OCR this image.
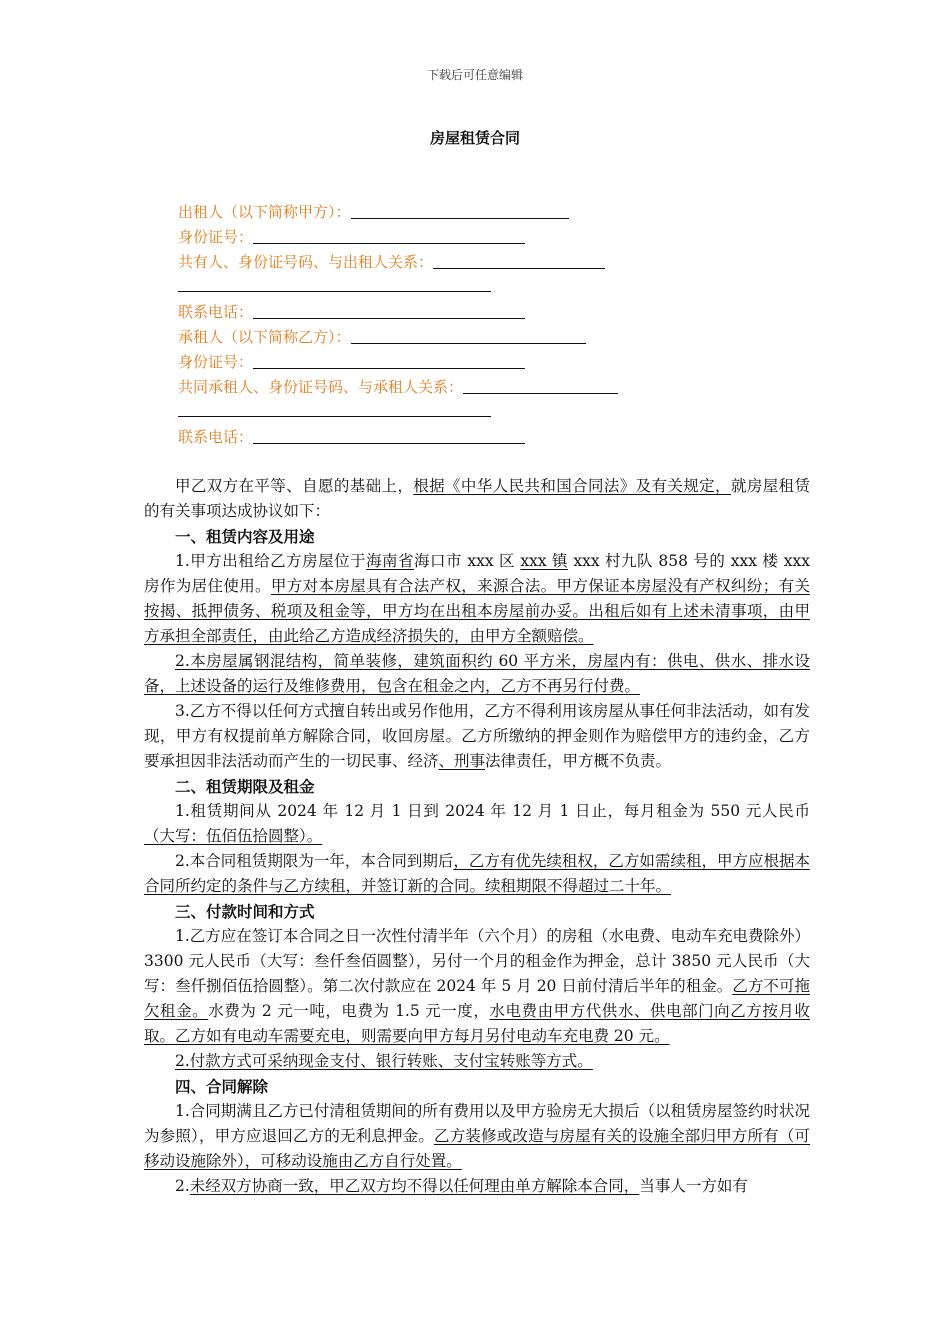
下载后可任意编辑
房屋租赁合同
出租人（以下简称甲方）：
身份证号：
共有人、身份证号码、与出租人关系：
联系电话：
承租人（以下简称乙方）：
身份证号：
共同承租人、身份证号码、与承租人关系：
联系电话：

甲乙双方在平等、自愿的基础上，根据《中华人民共和国合同法》及有关规定，就房屋租赁的有关事项达成协议如下：

一、租赁内容及用途

1.甲方出租给乙方房屋位于海南省海口市 xxx 区 xxx 镇 xxx 村九队 858 号的 xxx 楼 xxx 房作为居住使用。甲方对本房屋具有合法产权，来源合法。甲方保证本房屋没有产权纠纷；有关按揭、抵押债务、税项及租金等，甲方均在出租本房屋前办妥。出租后如有上述未清事项，由甲方承担全部责任，由此给乙方造成经济损失的，由甲方全额赔偿。

2.本房屋属钢混结构，简单装修，建筑面积约 60 平方米，房屋内有：供电、供水、排水设备，上述设备的运行及维修费用，包含在租金之内，乙方不再另行付费。

3.乙方不得以任何方式擅自转出或另作他用，乙方不得利用该房屋从事任何非法活动，如有发现，甲方有权提前单方解除合同，收回房屋。乙方所缴纳的押金则作为赔偿甲方的违约金，乙方要承担因非法活动而产生的一切民事、经济、刑事法律责任，甲方概不负责。

二、租赁期限及租金

1.租赁期间从 2024 年 12 月 1 日到 2024 年 12 月 1 日止，每月租金为 550 元人民币（大写：伍佰伍拾圆整）。

2.本合同租赁期限为一年，本合同到期后，乙方有优先续租权，乙方如需续租，甲方应根据本合同所约定的条件与乙方续租，并签订新的合同。续租期限不得超过二十年。

三、付款时间和方式

1.乙方应在签订本合同之日一次性付清半年（六个月）的房租（水电费、电动车充电费除外）3300 元人民币（大写：叁仟叁佰圆整），另付一个月的租金作为押金，总计 3850 元人民币（大写：叁仟捌佰伍拾圆整）。第二次付款应在 2024 年 5 月 20 日前付清后半年的租金。乙方不可拖欠租金。水费为 2 元一吨，电费为 1.5 元一度，水电费由甲方代供水、供电部门向乙方按月收取。乙方如有电动车需要充电，则需要向甲方每月另付电动车充电费 20 元。

2.付款方式可采纳现金支付、银行转账、支付宝转账等方式。

四、合同解除

1.合同期满且乙方已付清租赁期间的所有费用以及甲方验房无大损后（以租赁房屋签约时状况为参照），甲方应退回乙方的无利息押金。乙方装修或改造与房屋有关的设施全部归甲方所有（可移动设施除外），可移动设施由乙方自行处置。

2.未经双方协商一致，甲乙双方均不得以任何理由单方解除本合同，当事人一方如有
